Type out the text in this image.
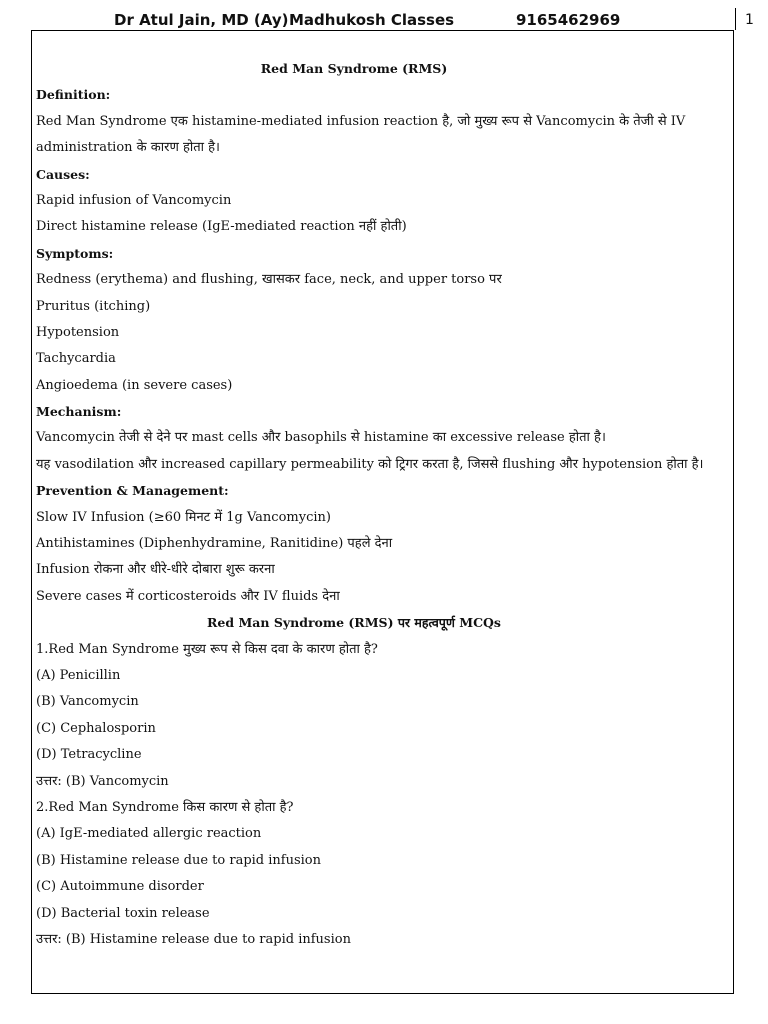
Dr Atul Jain, MD (Ay) Madhukosh Classes	9165462969	1
Red Man Syndrome (RMS)
Definition:
Red Man Syndrome एक histamine-mediated infusion reaction है, जो मुख्य रूप से Vancomycin के तेजी से IV
administration के कारण होता है।
Causes:
Rapid infusion of Vancomycin
Direct histamine release (IgE-mediated reaction नहीं होती)
Symptoms:
Redness (erythema) and flushing, खासकर face, neck, and upper torso पर
Pruritus (itching)
Hypotension
Tachycardia
Angioedema (in severe cases)
Mechanism:
Vancomycin तेजी से देने पर mast cells और basophils से histamine का excessive release होता है।
यह vasodilation और increased capillary permeability को ट्रिगर करता है, जिससे flushing और hypotension होता है।
Prevention & Management:
Slow IV Infusion (≥60 मिनट में 1g Vancomycin)
Antihistamines (Diphenhydramine, Ranitidine) पहले देना
Infusion रोकना और धीरे-धीरे दोबारा शुरू करना
Severe cases में corticosteroids और IV fluids देना
Red Man Syndrome (RMS) पर महत्वपूर्ण MCQs
1.Red Man Syndrome मुख्य रूप से किस दवा के कारण होता है?
(A) Penicillin
(B) Vancomycin
(C) Cephalosporin
(D) Tetracycline
उत्तर: (B) Vancomycin
2.Red Man Syndrome किस कारण से होता है?
(A) IgE-mediated allergic reaction
(B) Histamine release due to rapid infusion
(C) Autoimmune disorder
(D) Bacterial toxin release
उत्तर: (B) Histamine release due to rapid infusion
